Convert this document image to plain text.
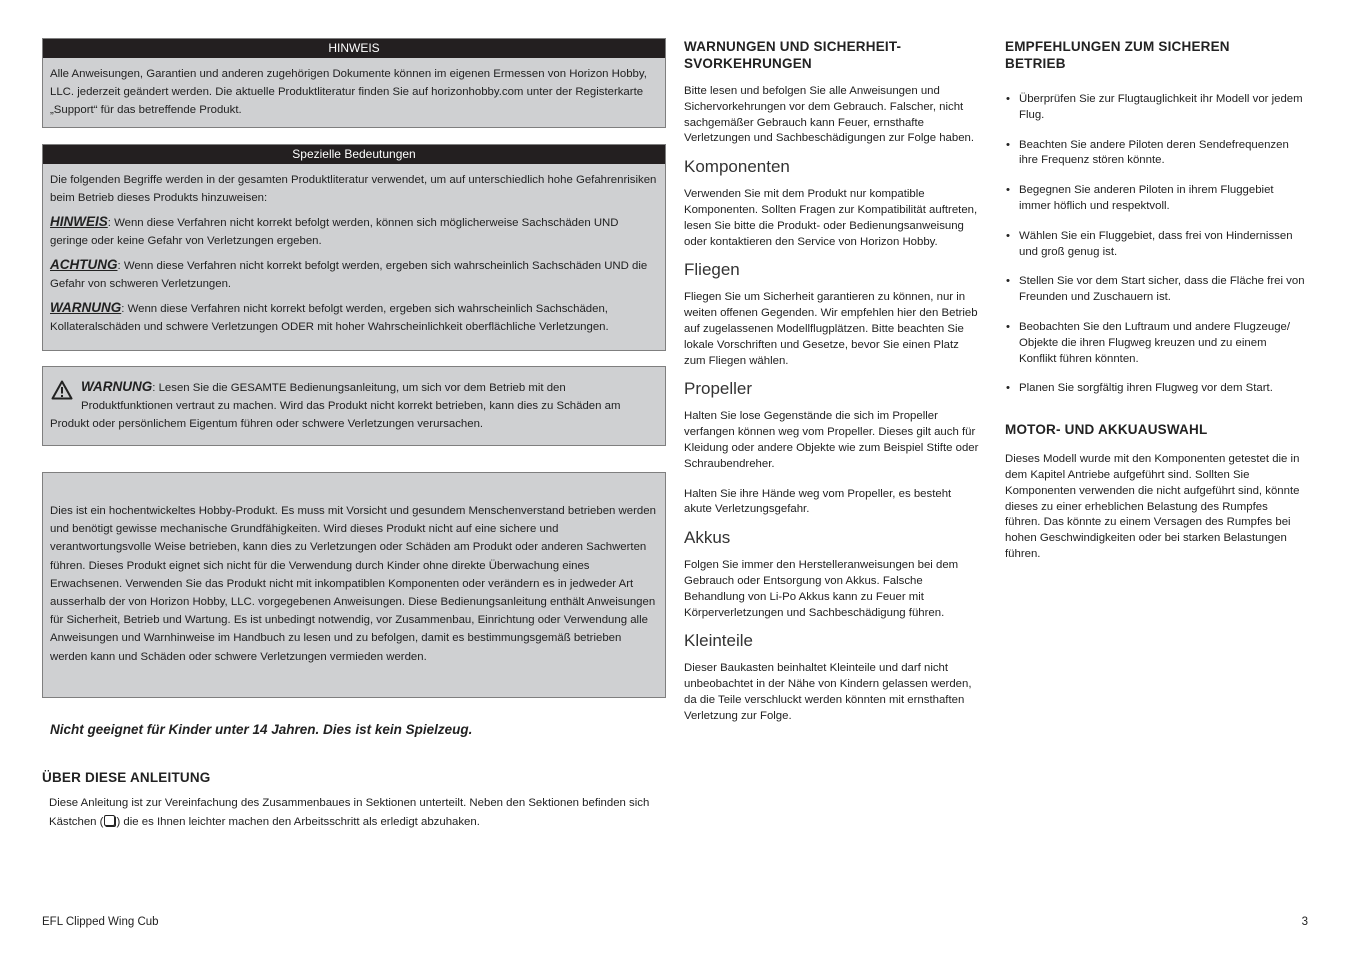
HINWEIS

Alle Anweisungen, Garantien und anderen zugehörigen Dokumente können im eigenen Ermessen von Horizon Hobby, LLC. jederzeit geändert werden. Die aktuelle Produktliteratur finden Sie auf horizonhobby.com unter der Registerkarte „Support“ für das betreffende Produkt.

Spezielle Bedeutungen

Die folgenden Begriffe werden in der gesamten Produktliteratur verwendet, um auf unterschiedlich hohe Gefahrenrisiken beim Betrieb dieses Produkts hinzuweisen:

HINWEIS: Wenn diese Verfahren nicht korrekt befolgt werden, können sich möglicherweise Sachschäden UND geringe oder keine Gefahr von Verletzungen ergeben.

ACHTUNG: Wenn diese Verfahren nicht korrekt befolgt werden, ergeben sich wahrscheinlich Sachschäden UND die Gefahr von schweren Verletzungen.

WARNUNG: Wenn diese Verfahren nicht korrekt befolgt werden, ergeben sich wahrscheinlich Sachschäden, Kollateralschäden und schwere Verletzungen ODER mit hoher Wahrscheinlichkeit oberflächliche Verletzungen.

WARNUNG: Lesen Sie die GESAMTE Bedienungsanleitung, um sich vor dem Betrieb mit den
Produktfunktionen vertraut zu machen. Wird das Produkt nicht korrekt betrieben, kann dies zu Schäden am Produkt oder persönlichem Eigentum führen oder schwere Verletzungen verursachen.

Dies ist ein hochentwickeltes Hobby-Produkt. Es muss mit Vorsicht und gesundem Menschenverstand betrieben werden und benötigt gewisse mechanische Grundfähigkeiten. Wird dieses Produkt nicht auf eine sichere und verantwortungsvolle Weise betrieben, kann dies zu Verletzungen oder Schäden am Produkt oder anderen Sachwerten führen. Dieses Produkt eignet sich nicht für die Verwendung durch Kinder ohne direkte Überwachung eines Erwachsenen. Verwenden Sie das Produkt nicht mit inkompatiblen Komponenten oder verändern es in jedweder Art ausserhalb der von Horizon Hobby, LLC. vorgegebenen Anweisungen. Diese Bedienungsanleitung enthält Anweisungen für Sicherheit, Betrieb und Wartung. Es ist unbedingt notwendig, vor Zusammenbau, Einrichtung oder Verwendung alle Anweisungen und Warnhinweise im Handbuch zu lesen und zu befolgen, damit es bestimmungsgemäß betrieben werden kann und Schäden oder schwere Verletzungen vermieden werden.

Nicht geeignet für Kinder unter 14 Jahren. Dies ist kein Spielzeug.

ÜBER DIESE ANLEITUNG

Diese Anleitung ist zur Vereinfachung des Zusammenbaues in Sektionen unterteilt. Neben den Sektionen befinden sich Kästchen ( ) die es Ihnen leichter machen den Arbeitsschritt als erledigt abzuhaken.

WARNUNGEN UND SICHERHEIT-
SVORKEHRUNGEN

Bitte lesen und befolgen Sie alle Anweisungen und Sichervorkehrungen vor dem Gebrauch. Falscher, nicht sachgemäßer Gebrauch kann Feuer, ernsthafte Verletzungen und Sachbeschädigungen zur Folge haben.

Komponenten

Verwenden Sie mit dem Produkt nur kompatible Komponenten. Sollten Fragen zur Kompatibilität auftreten, lesen Sie bitte die Produkt- oder Bedienungsanweisung oder kontaktieren den Service von Horizon Hobby.

Fliegen

Fliegen Sie um Sicherheit garantieren zu können, nur in weiten offenen Gegenden. Wir empfehlen hier den Betrieb auf zugelassenen Modellflugplätzen. Bitte beachten Sie lokale Vorschriften und Gesetze, bevor Sie einen Platz zum Fliegen wählen.

Propeller

Halten Sie lose Gegenstände die sich im Propeller verfangen können weg vom Propeller. Dieses gilt auch für Kleidung oder andere Objekte wie zum Beispiel Stifte oder Schraubendreher.

Halten Sie ihre Hände weg vom Propeller, es besteht akute Verletzungsgefahr.

Akkus

Folgen Sie immer den Herstelleranweisungen bei dem Gebrauch oder Entsorgung von Akkus. Falsche Behandlung von Li-Po Akkus kann zu Feuer mit Körperverletzungen und Sachbeschädigung führen.

Kleinteile

Dieser Baukasten beinhaltet Kleinteile und darf nicht unbeobachtet in der Nähe von Kindern gelassen werden, da die Teile verschluckt werden könnten mit ernsthaften Verletzung zur Folge.

EMPFEHLUNGEN ZUM SICHEREN
BETRIEB
• Überprüfen Sie zur Flugtauglichkeit ihr Modell vor jedem Flug.
• Beachten Sie andere Piloten deren Sendefrequenzen ihre Frequenz stören könnte.
• Begegnen Sie anderen Piloten in ihrem Fluggebiet immer höflich und respektvoll.
• Wählen Sie ein Fluggebiet, dass frei von Hindernissen und groß genug ist.
• Stellen Sie vor dem Start sicher, dass die Fläche frei von Freunden und Zuschauern ist.
• Beobachten Sie den Luftraum und andere Flugzeuge/ Objekte die ihren Flugweg kreuzen und zu einem Konflikt führen könnten.
• Planen Sie sorgfältig ihren Flugweg vor dem Start.
MOTOR- UND AKKUAUSWAHL

Dieses Modell wurde mit den Komponenten getestet die in dem Kapitel Antriebe aufgeführt sind. Sollten Sie Komponenten verwenden die nicht aufgeführt sind, könnte dieses zu einer erheblichen Belastung des Rumpfes führen. Das könnte zu einem Versagen des Rumpfes bei hohen Geschwindigkeiten oder bei starken Belastungen führen.

EFL Clipped Wing Cub	3
